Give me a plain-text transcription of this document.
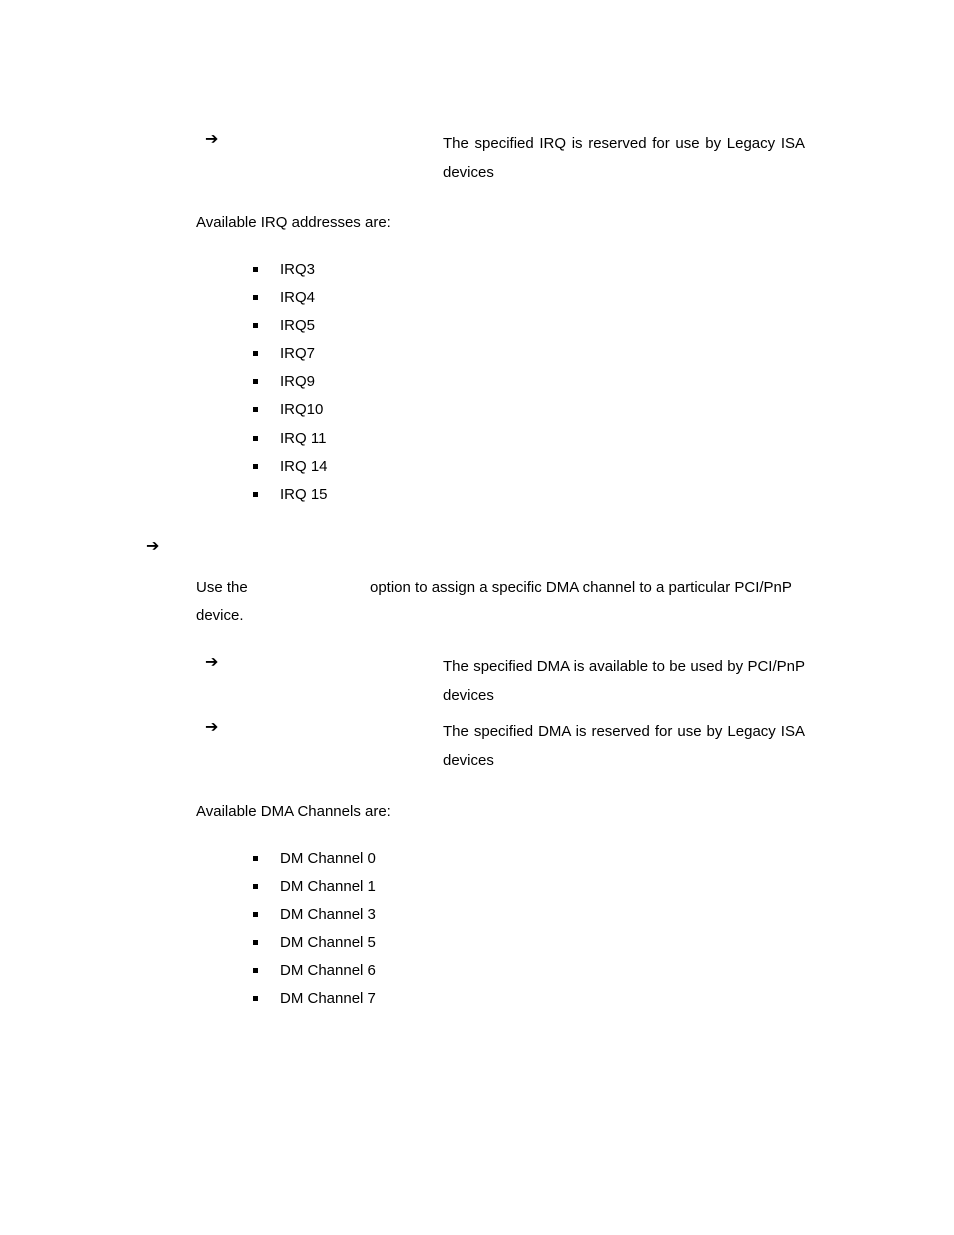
➔	The specified IRQ is reserved for use by Legacy ISA devices
Available IRQ addresses are:
IRQ3
IRQ4
IRQ5
IRQ7
IRQ9
IRQ10
IRQ 11
IRQ 14
IRQ 15
➔
Use the	option to assign a specific DMA channel to a particular PCI/PnP
device.
➔	The specified DMA is available to be used by PCI/PnP devices
➔	The specified DMA is reserved for use by Legacy ISA devices
Available DMA Channels are:
DM Channel 0
DM Channel 1
DM Channel 3
DM Channel 5
DM Channel 6
DM Channel 7
